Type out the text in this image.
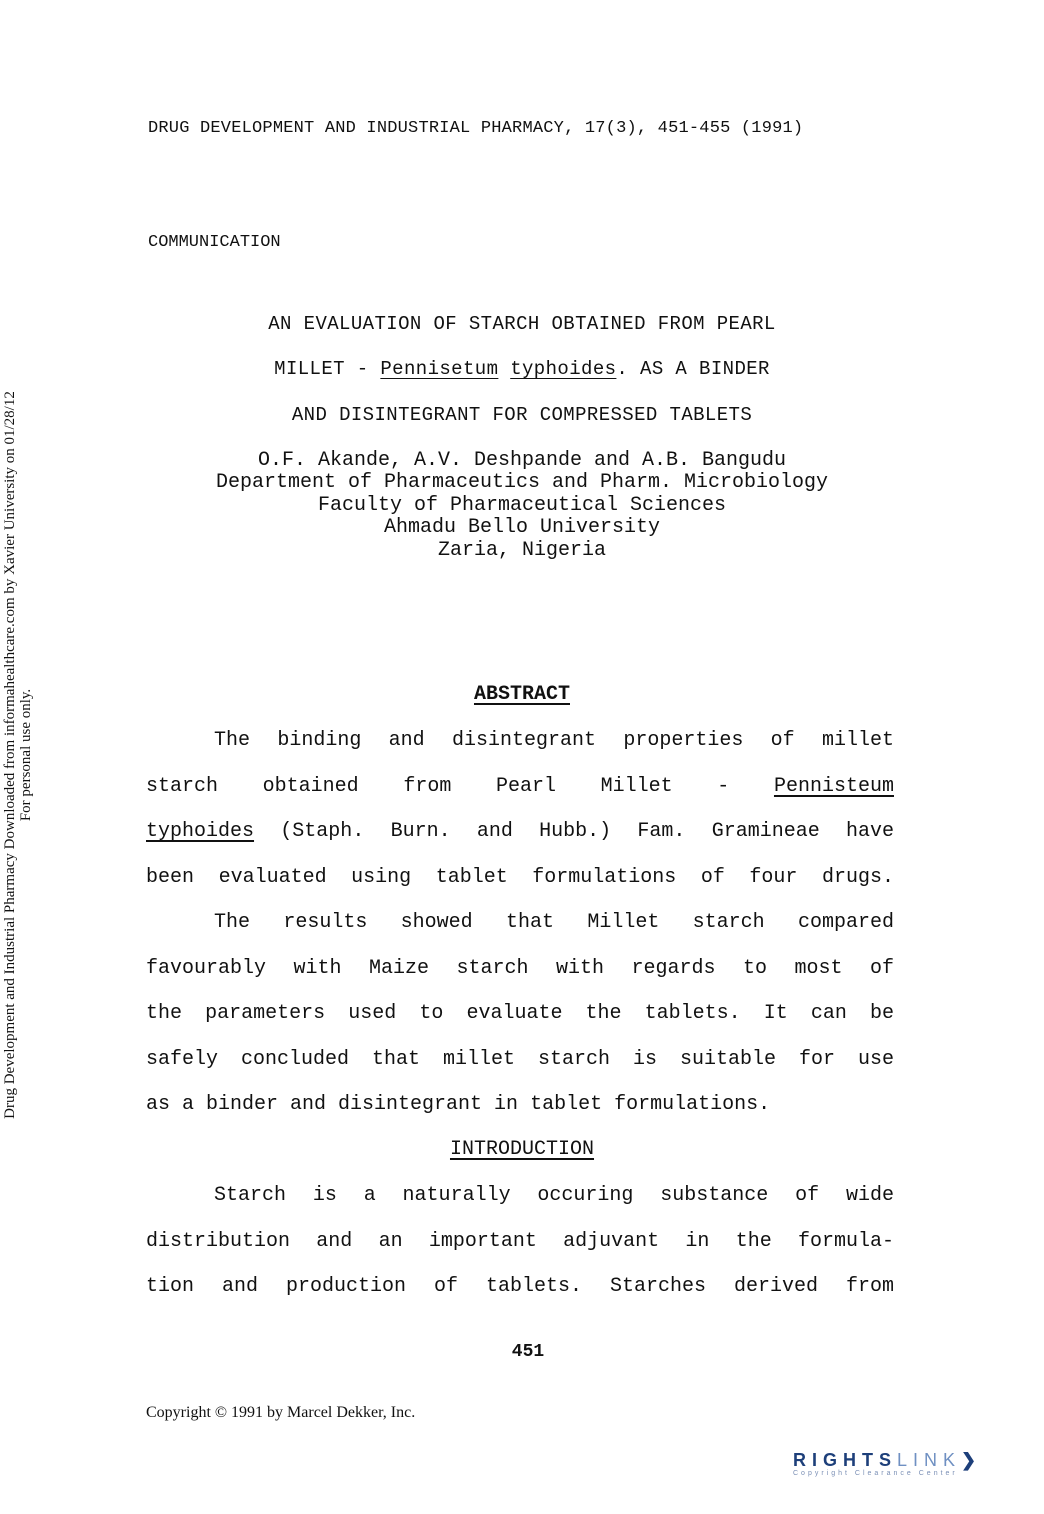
DRUG DEVELOPMENT AND INDUSTRIAL PHARMACY, 17(3), 451-455 (1991)
COMMUNICATION
AN EVALUATION OF STARCH OBTAINED FROM PEARL
MILLET - Pennisetum typhoides. AS A BINDER
AND DISINTEGRANT FOR COMPRESSED TABLETS
O.F. Akande, A.V. Deshpande and A.B. Bangudu
Department of Pharmaceutics and Pharm. Microbiology
Faculty of Pharmaceutical Sciences
Ahmadu Bello University
Zaria, Nigeria
ABSTRACT
The binding and disintegrant properties of millet
starch obtained from Pearl Millet - Pennisteum
typhoides (Staph. Burn. and Hubb.) Fam. Gramineae have
been evaluated using tablet formulations of four drugs.
The results showed that Millet starch compared
favourably with Maize starch with regards to most of
the parameters used to evaluate the tablets. It can be
safely concluded that millet starch is suitable for use
as a binder and disintegrant in tablet formulations.
INTRODUCTION
Starch is a naturally occuring substance of wide
distribution and an important adjuvant in the formula-
tion and production of tablets. Starches derived from
451
Copyright © 1991 by Marcel Dekker, Inc.
Drug Development and Industrial Pharmacy Downloaded from informahealthcare.com by Xavier University on 01/28/12 For personal use only.
RIGHTSLINK❯
Copyright Clearance Center
